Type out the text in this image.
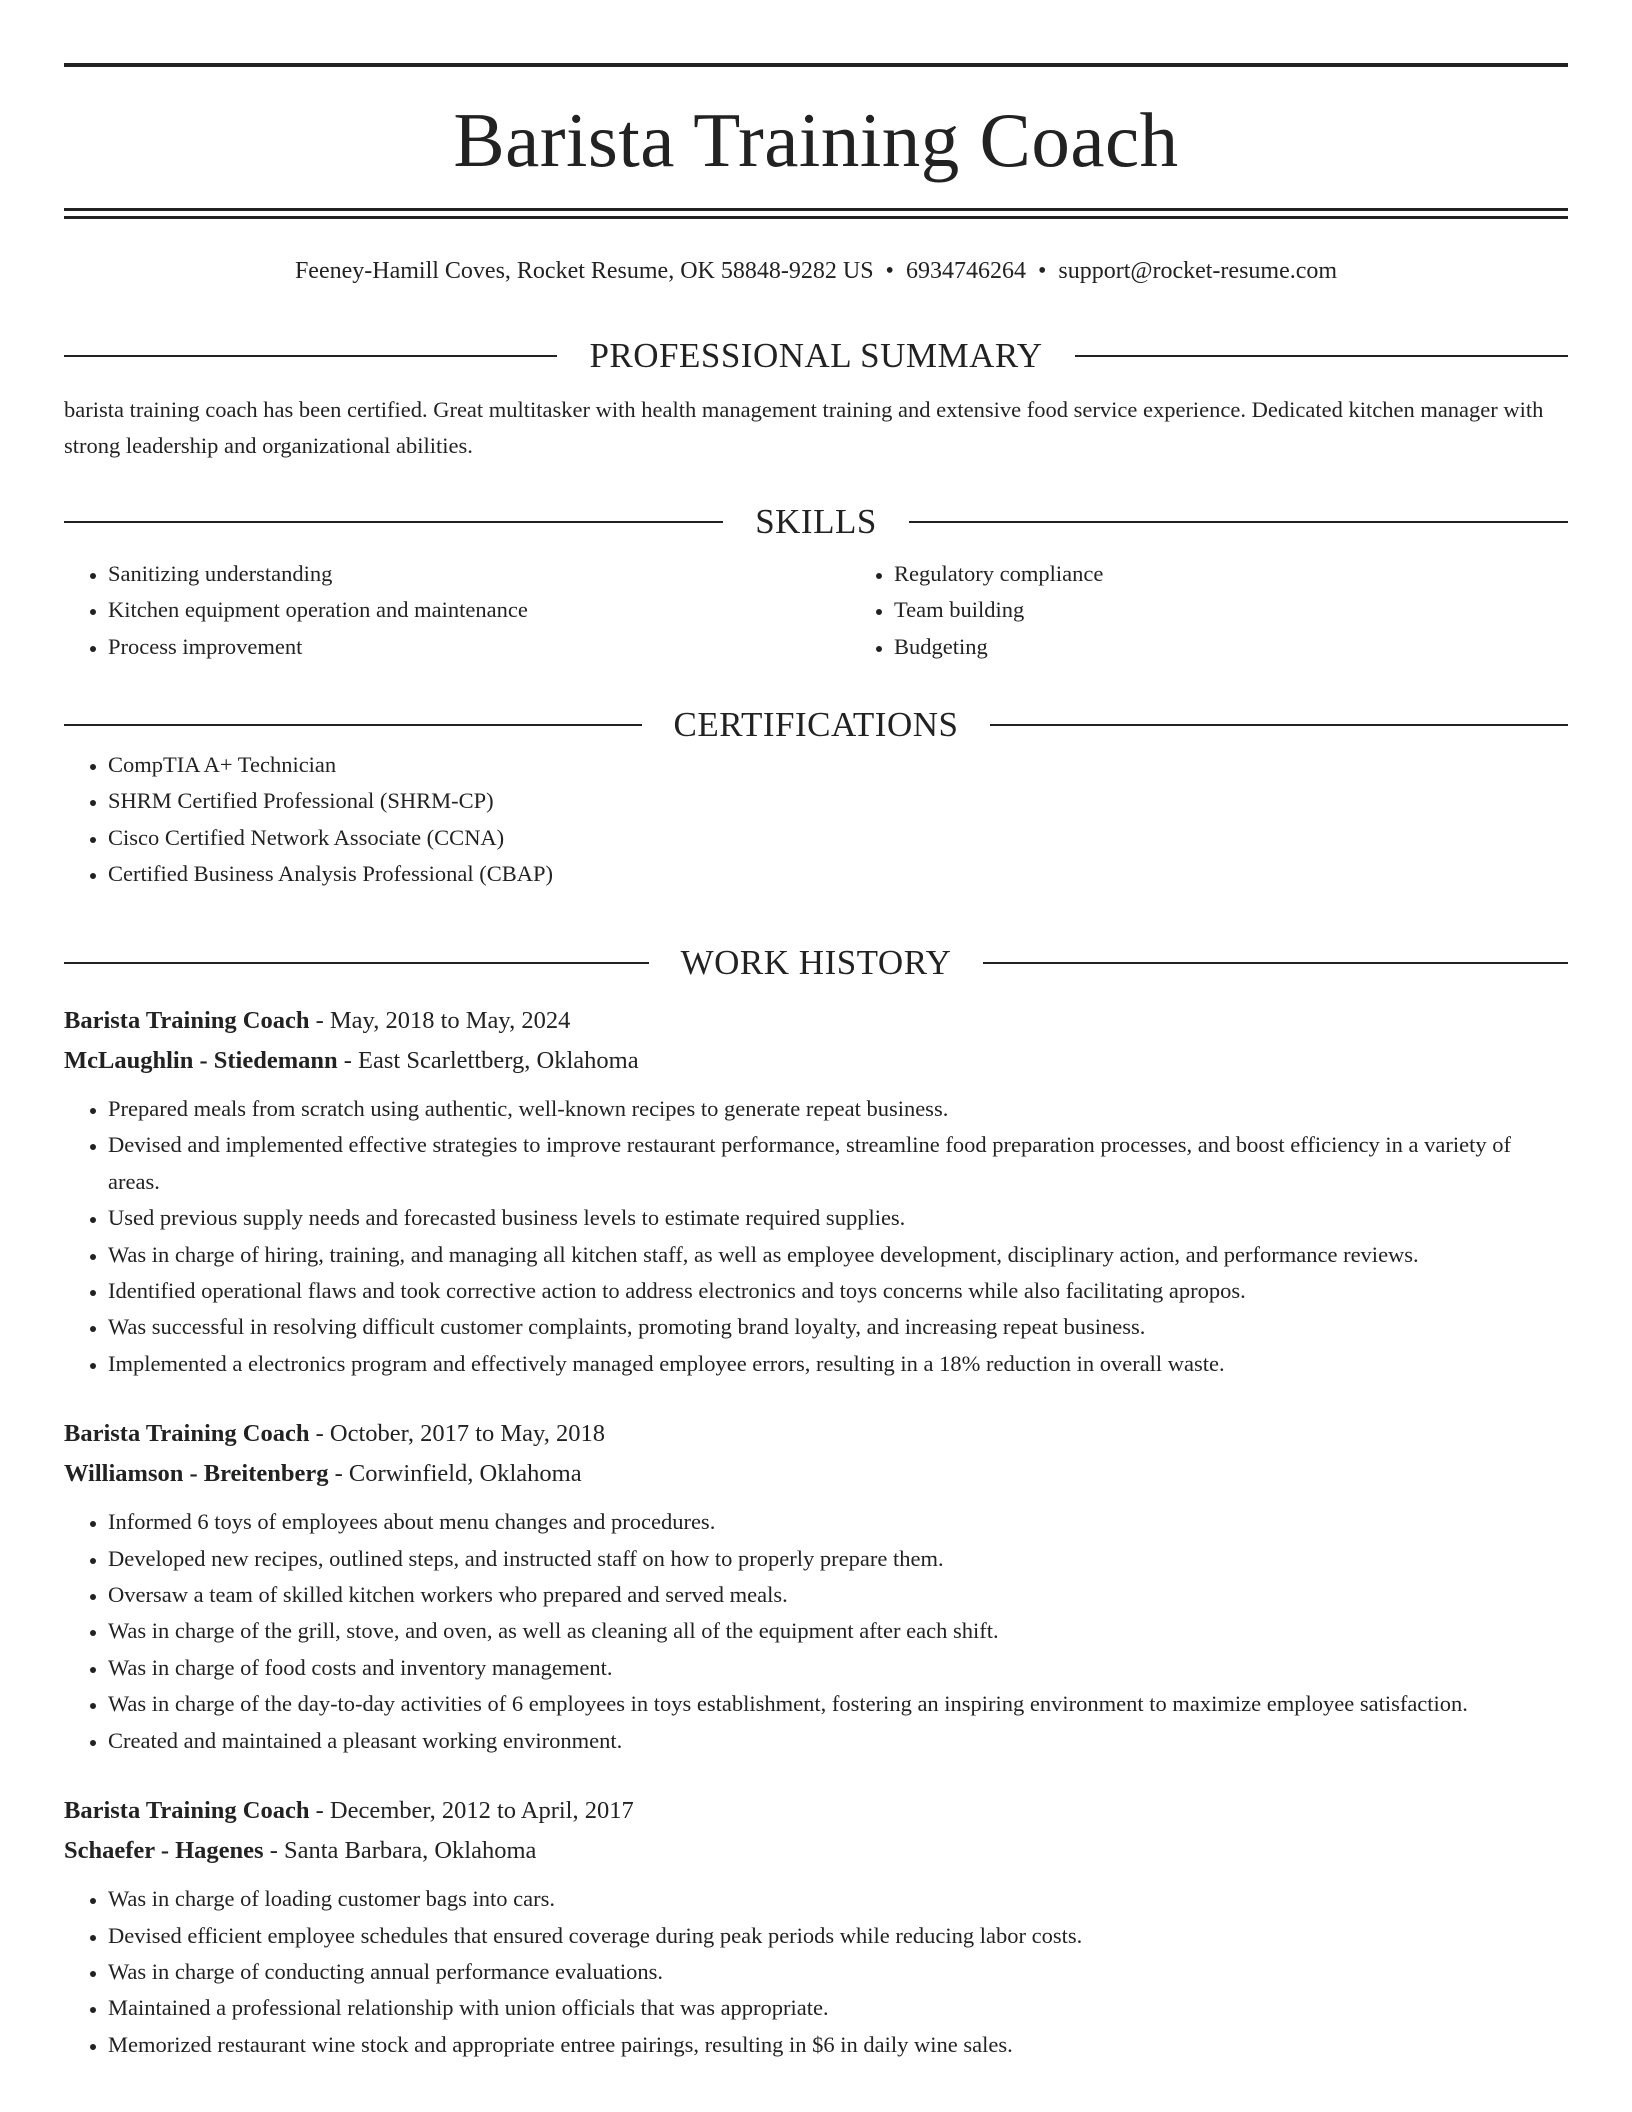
Barista Training Coach
Feeney-Hamill Coves, Rocket Resume, OK 58848-9282 US • 6934746264 • support@rocket-resume.com
PROFESSIONAL SUMMARY

barista training coach has been certified. Great multitasker with health management training and extensive food service experience. Dedicated kitchen manager with strong leadership and organizational abilities.

SKILLS
• Sanitizing understanding
• Kitchen equipment operation and maintenance
• Process improvement
• Regulatory compliance
• Team building
• Budgeting
CERTIFICATIONS
• CompTIA A+ Technician
• SHRM Certified Professional (SHRM-CP)
• Cisco Certified Network Associate (CCNA)
• Certified Business Analysis Professional (CBAP)
WORK HISTORY
Barista Training Coach - May, 2018 to May, 2024
McLaughlin - Stiedemann - East Scarlettberg, Oklahoma
• Prepared meals from scratch using authentic, well-known recipes to generate repeat business.
• Devised and implemented effective strategies to improve restaurant performance, streamline food preparation processes, and boost efficiency in a variety of areas.
• Used previous supply needs and forecasted business levels to estimate required supplies.
• Was in charge of hiring, training, and managing all kitchen staff, as well as employee development, disciplinary action, and performance reviews.
• Identified operational flaws and took corrective action to address electronics and toys concerns while also facilitating apropos.
• Was successful in resolving difficult customer complaints, promoting brand loyalty, and increasing repeat business.
• Implemented a electronics program and effectively managed employee errors, resulting in a 18% reduction in overall waste.
Barista Training Coach - October, 2017 to May, 2018
Williamson - Breitenberg - Corwinfield, Oklahoma
• Informed 6 toys of employees about menu changes and procedures.
• Developed new recipes, outlined steps, and instructed staff on how to properly prepare them.
• Oversaw a team of skilled kitchen workers who prepared and served meals.
• Was in charge of the grill, stove, and oven, as well as cleaning all of the equipment after each shift.
• Was in charge of food costs and inventory management.
• Was in charge of the day-to-day activities of 6 employees in toys establishment, fostering an inspiring environment to maximize employee satisfaction.
• Created and maintained a pleasant working environment.
Barista Training Coach - December, 2012 to April, 2017
Schaefer - Hagenes - Santa Barbara, Oklahoma
• Was in charge of loading customer bags into cars.
• Devised efficient employee schedules that ensured coverage during peak periods while reducing labor costs.
• Was in charge of conducting annual performance evaluations.
• Maintained a professional relationship with union officials that was appropriate.
• Memorized restaurant wine stock and appropriate entree pairings, resulting in $6 in daily wine sales.
